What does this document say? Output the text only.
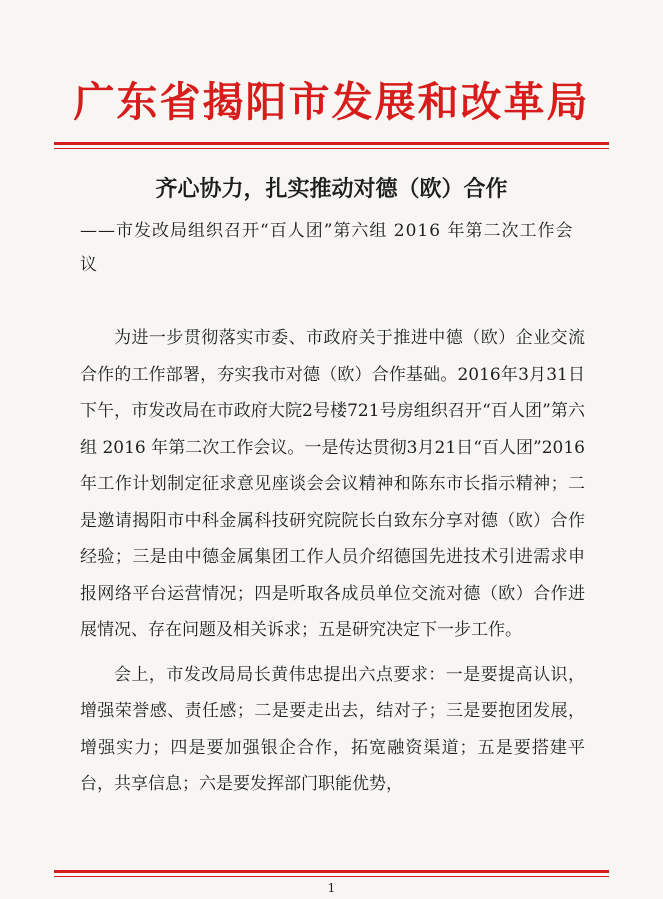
广东省揭阳市发展和改革局
齐心协力，扎实推动对德（欧）合作
——市发改局组织召开“百人团”第六组 2016 年第二次工作会议

为进一步贯彻落实市委、市政府关于推进中德（欧）企业交流合作的工作部署，夯实我市对德（欧）合作基础。2016年3月31日下午，市发改局在市政府大院2号楼721号房组织召开“百人团”第六组 2016 年第二次工作会议。一是传达贯彻3月21日“百人团”2016年工作计划制定征求意见座谈会会议精神和陈东市长指示精神；二是邀请揭阳市中科金属科技研究院院长白致东分享对德（欧）合作经验；三是由中德金属集团工作人员介绍德国先进技术引进需求申报网络平台运营情况；四是听取各成员单位交流对德（欧）合作进展情况、存在问题及相关诉求；五是研究决定下一步工作。

会上，市发改局局长黄伟忠提出六点要求：一是要提高认识，增强荣誉感、责任感；二是要走出去，结对子；三是要抱团发展，增强实力；四是要加强银企合作，拓宽融资渠道；五是要搭建平台，共享信息；六是要发挥部门职能优势，

1
